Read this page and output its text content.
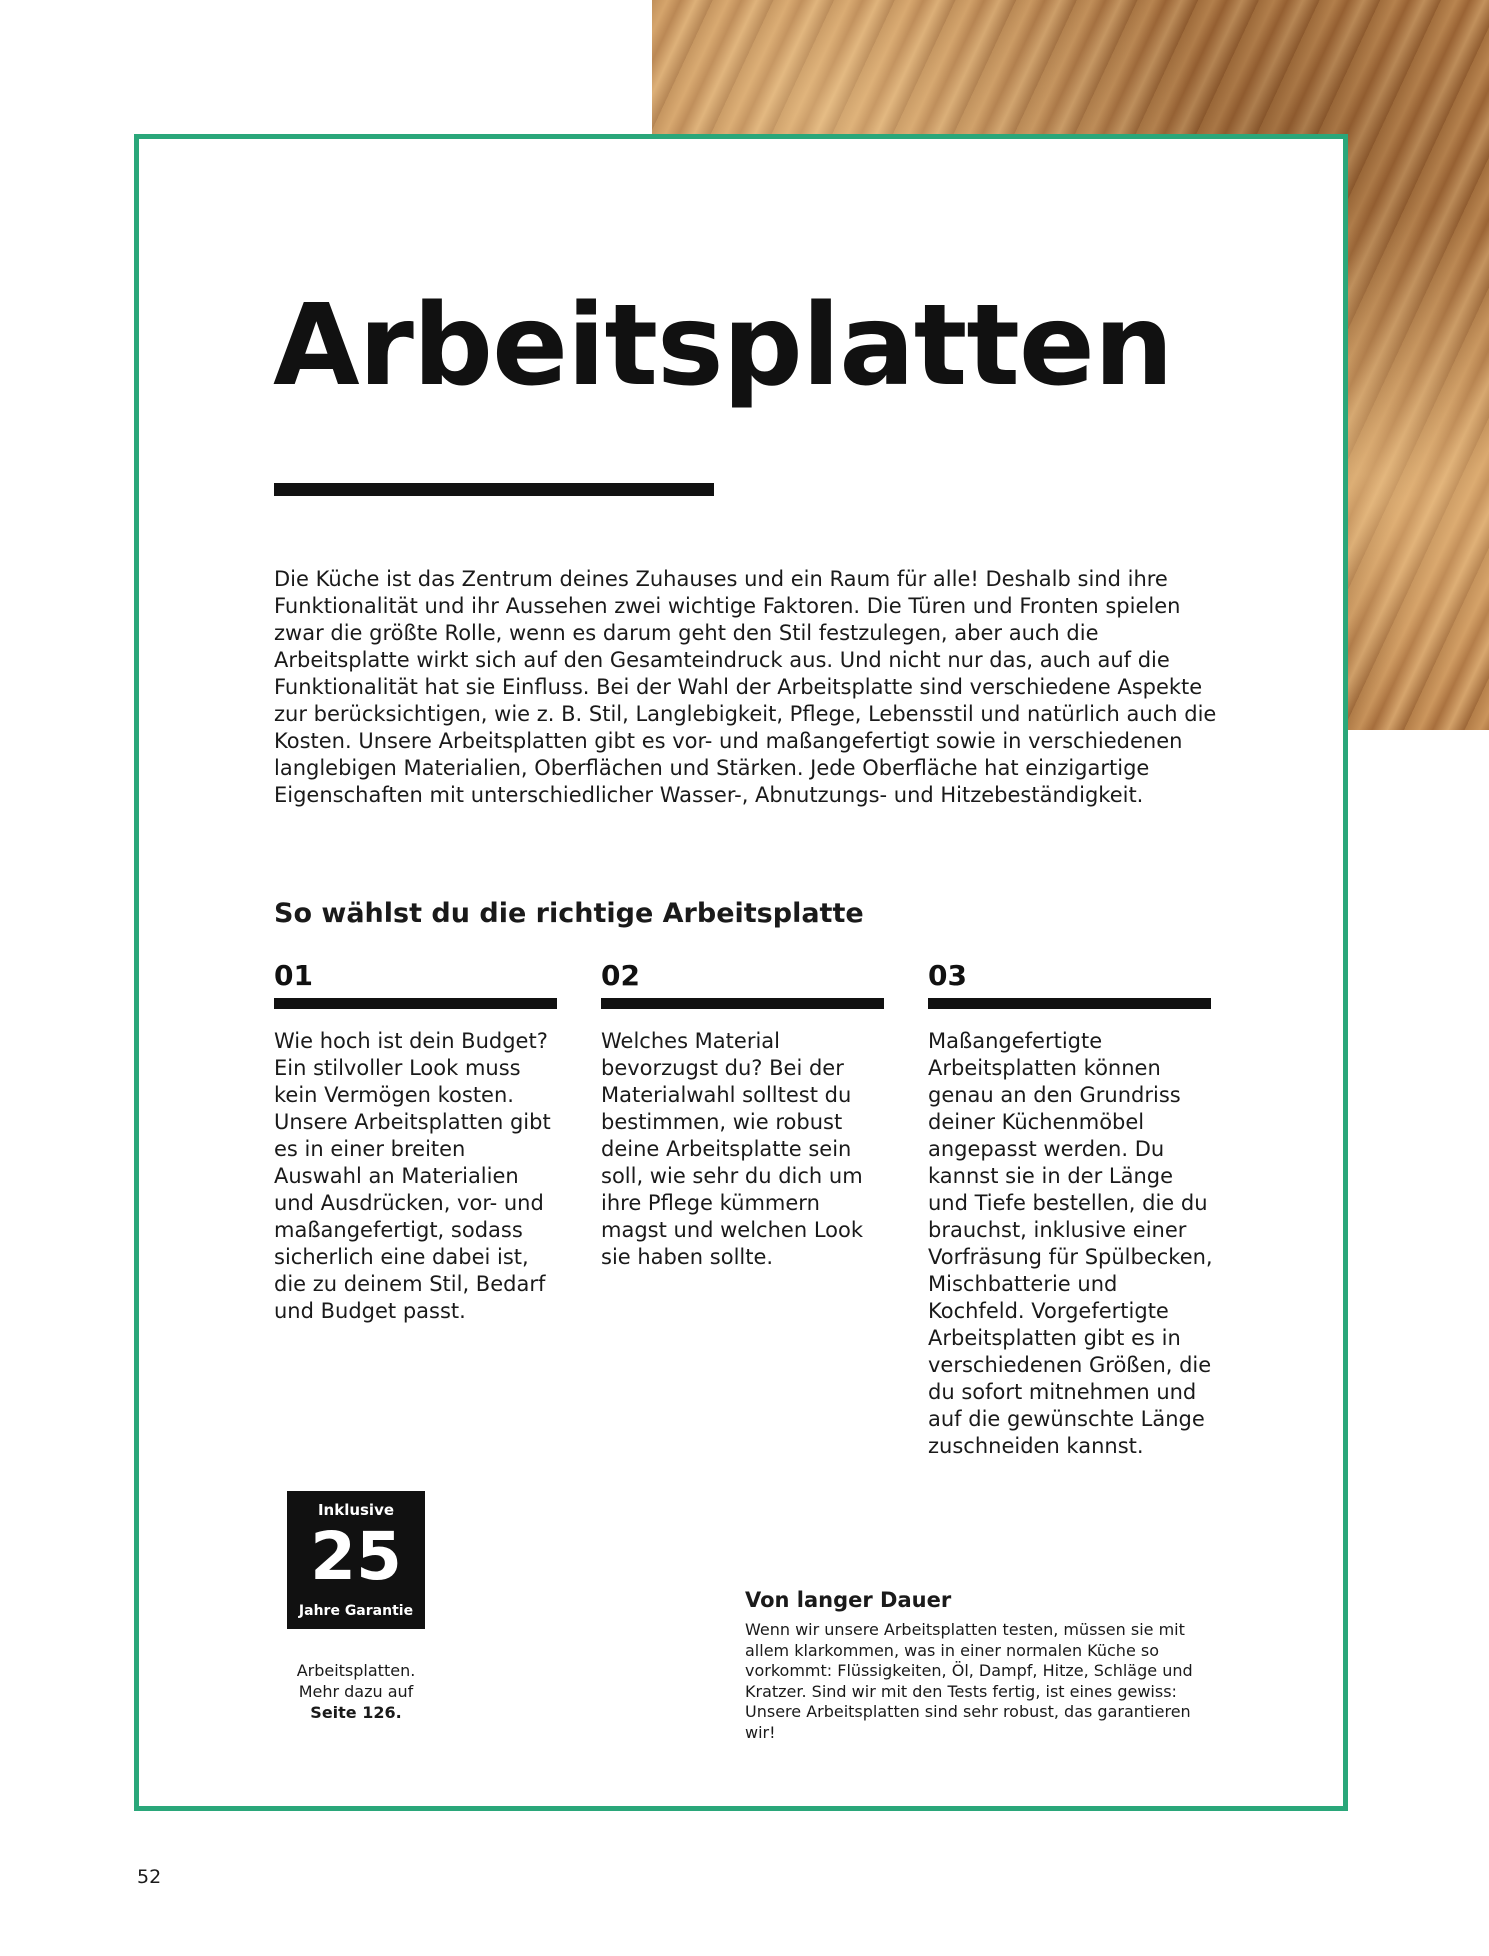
Arbeitsplatten

Die Küche ist das Zentrum deines Zuhauses und ein Raum für alle! Deshalb sind ihre Funktionalität und ihr Aussehen zwei wichtige Faktoren. Die Türen und Fronten spielen zwar die größte Rolle, wenn es darum geht den Stil festzulegen, aber auch die Arbeitsplatte wirkt sich auf den Gesamteindruck aus. Und nicht nur das, auch auf die Funktionalität hat sie Einfluss. Bei der Wahl der Arbeitsplatte sind verschiedene Aspekte zur berücksichtigen, wie z. B. Stil, Langlebigkeit, Pflege, Lebensstil und natürlich auch die Kosten. Unsere Arbeitsplatten gibt es vor- und maßangefertigt sowie in verschiedenen langlebigen Materialien, Oberflächen und Stärken. Jede Oberfläche hat einzigartige Eigenschaften mit unterschiedlicher Wasser-, Abnutzungs- und Hitzebeständigkeit.

So wählst du die richtige Arbeitsplatte
01
Wie hoch ist dein Budget? Ein stilvoller Look muss kein Vermögen kosten. Unsere Arbeitsplatten gibt es in einer breiten Auswahl an Materialien und Ausdrücken, vor- und maßangefertigt, sodass sicherlich eine dabei ist, die zu deinem Stil, Bedarf und Budget passt.
02
Welches Material bevorzugst du? Bei der Materialwahl solltest du bestimmen, wie robust deine Arbeitsplatte sein soll, wie sehr du dich um ihre Pflege kümmern magst und welchen Look sie haben sollte.
03
Maßangefertigte Arbeitsplatten können genau an den Grundriss deiner Küchenmöbel angepasst werden. Du kannst sie in der Länge und Tiefe bestellen, die du brauchst, inklusive einer Vorfräsung für Spülbecken, Mischbatterie und Kochfeld. Vorgefertigte Arbeitsplatten gibt es in verschiedenen Größen, die du sofort mitnehmen und auf die gewünschte Länge zuschneiden kannst.
Inklusive
25
Jahre Garantie
Arbeitsplatten.
Mehr dazu auf
Seite 126.
Von langer Dauer
Wenn wir unsere Arbeitsplatten testen, müssen sie mit allem klarkommen, was in einer normalen Küche so vorkommt: Flüssigkeiten, Öl, Dampf, Hitze, Schläge und Kratzer. Sind wir mit den Tests fertig, ist eines gewiss: Unsere Arbeitsplatten sind sehr robust, das garantieren wir!
52
